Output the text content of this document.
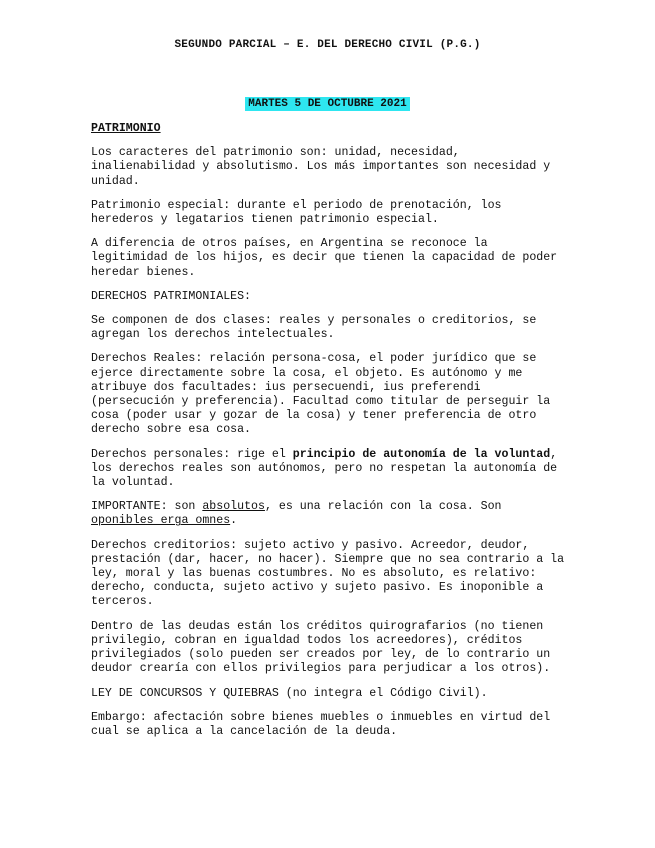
SEGUNDO PARCIAL – E. DEL DERECHO CIVIL (P.G.)
MARTES 5 DE OCTUBRE 2021

PATRIMONIO

Los caracteres del patrimonio son: unidad, necesidad, inalienabilidad y absolutismo. Los más importantes son necesidad y unidad.

Patrimonio especial: durante el periodo de prenotación, los herederos y legatarios tienen patrimonio especial.

A diferencia de otros países, en Argentina se reconoce la legitimidad de los hijos, es decir que tienen la capacidad de poder heredar bienes.

DERECHOS PATRIMONIALES:

Se componen de dos clases: reales y personales o creditorios, se agregan los derechos intelectuales.

Derechos Reales: relación persona-cosa, el poder jurídico que se ejerce directamente sobre la cosa, el objeto. Es autónomo y me atribuye dos facultades: ius persecuendi, ius preferendi (persecución y preferencia). Facultad como titular de perseguir la cosa (poder usar y gozar de la cosa) y tener preferencia de otro derecho sobre esa cosa.

Derechos personales: rige el principio de autonomía de la voluntad, los derechos reales son autónomos, pero no respetan la autonomía de la voluntad.

IMPORTANTE: son absolutos, es una relación con la cosa. Son oponibles erga omnes.

Derechos creditorios: sujeto activo y pasivo. Acreedor, deudor, prestación (dar, hacer, no hacer). Siempre que no sea contrario a la ley, moral y las buenas costumbres. No es absoluto, es relativo: derecho, conducta, sujeto activo y sujeto pasivo. Es inoponible a terceros.

Dentro de las deudas están los créditos quirografarios (no tienen privilegio, cobran en igualdad todos los acreedores), créditos privilegiados (solo pueden ser creados por ley, de lo contrario un deudor crearía con ellos privilegios para perjudicar a los otros).

LEY DE CONCURSOS Y QUIEBRAS (no integra el Código Civil).

Embargo: afectación sobre bienes muebles o inmuebles en virtud del cual se aplica a la cancelación de la deuda.
